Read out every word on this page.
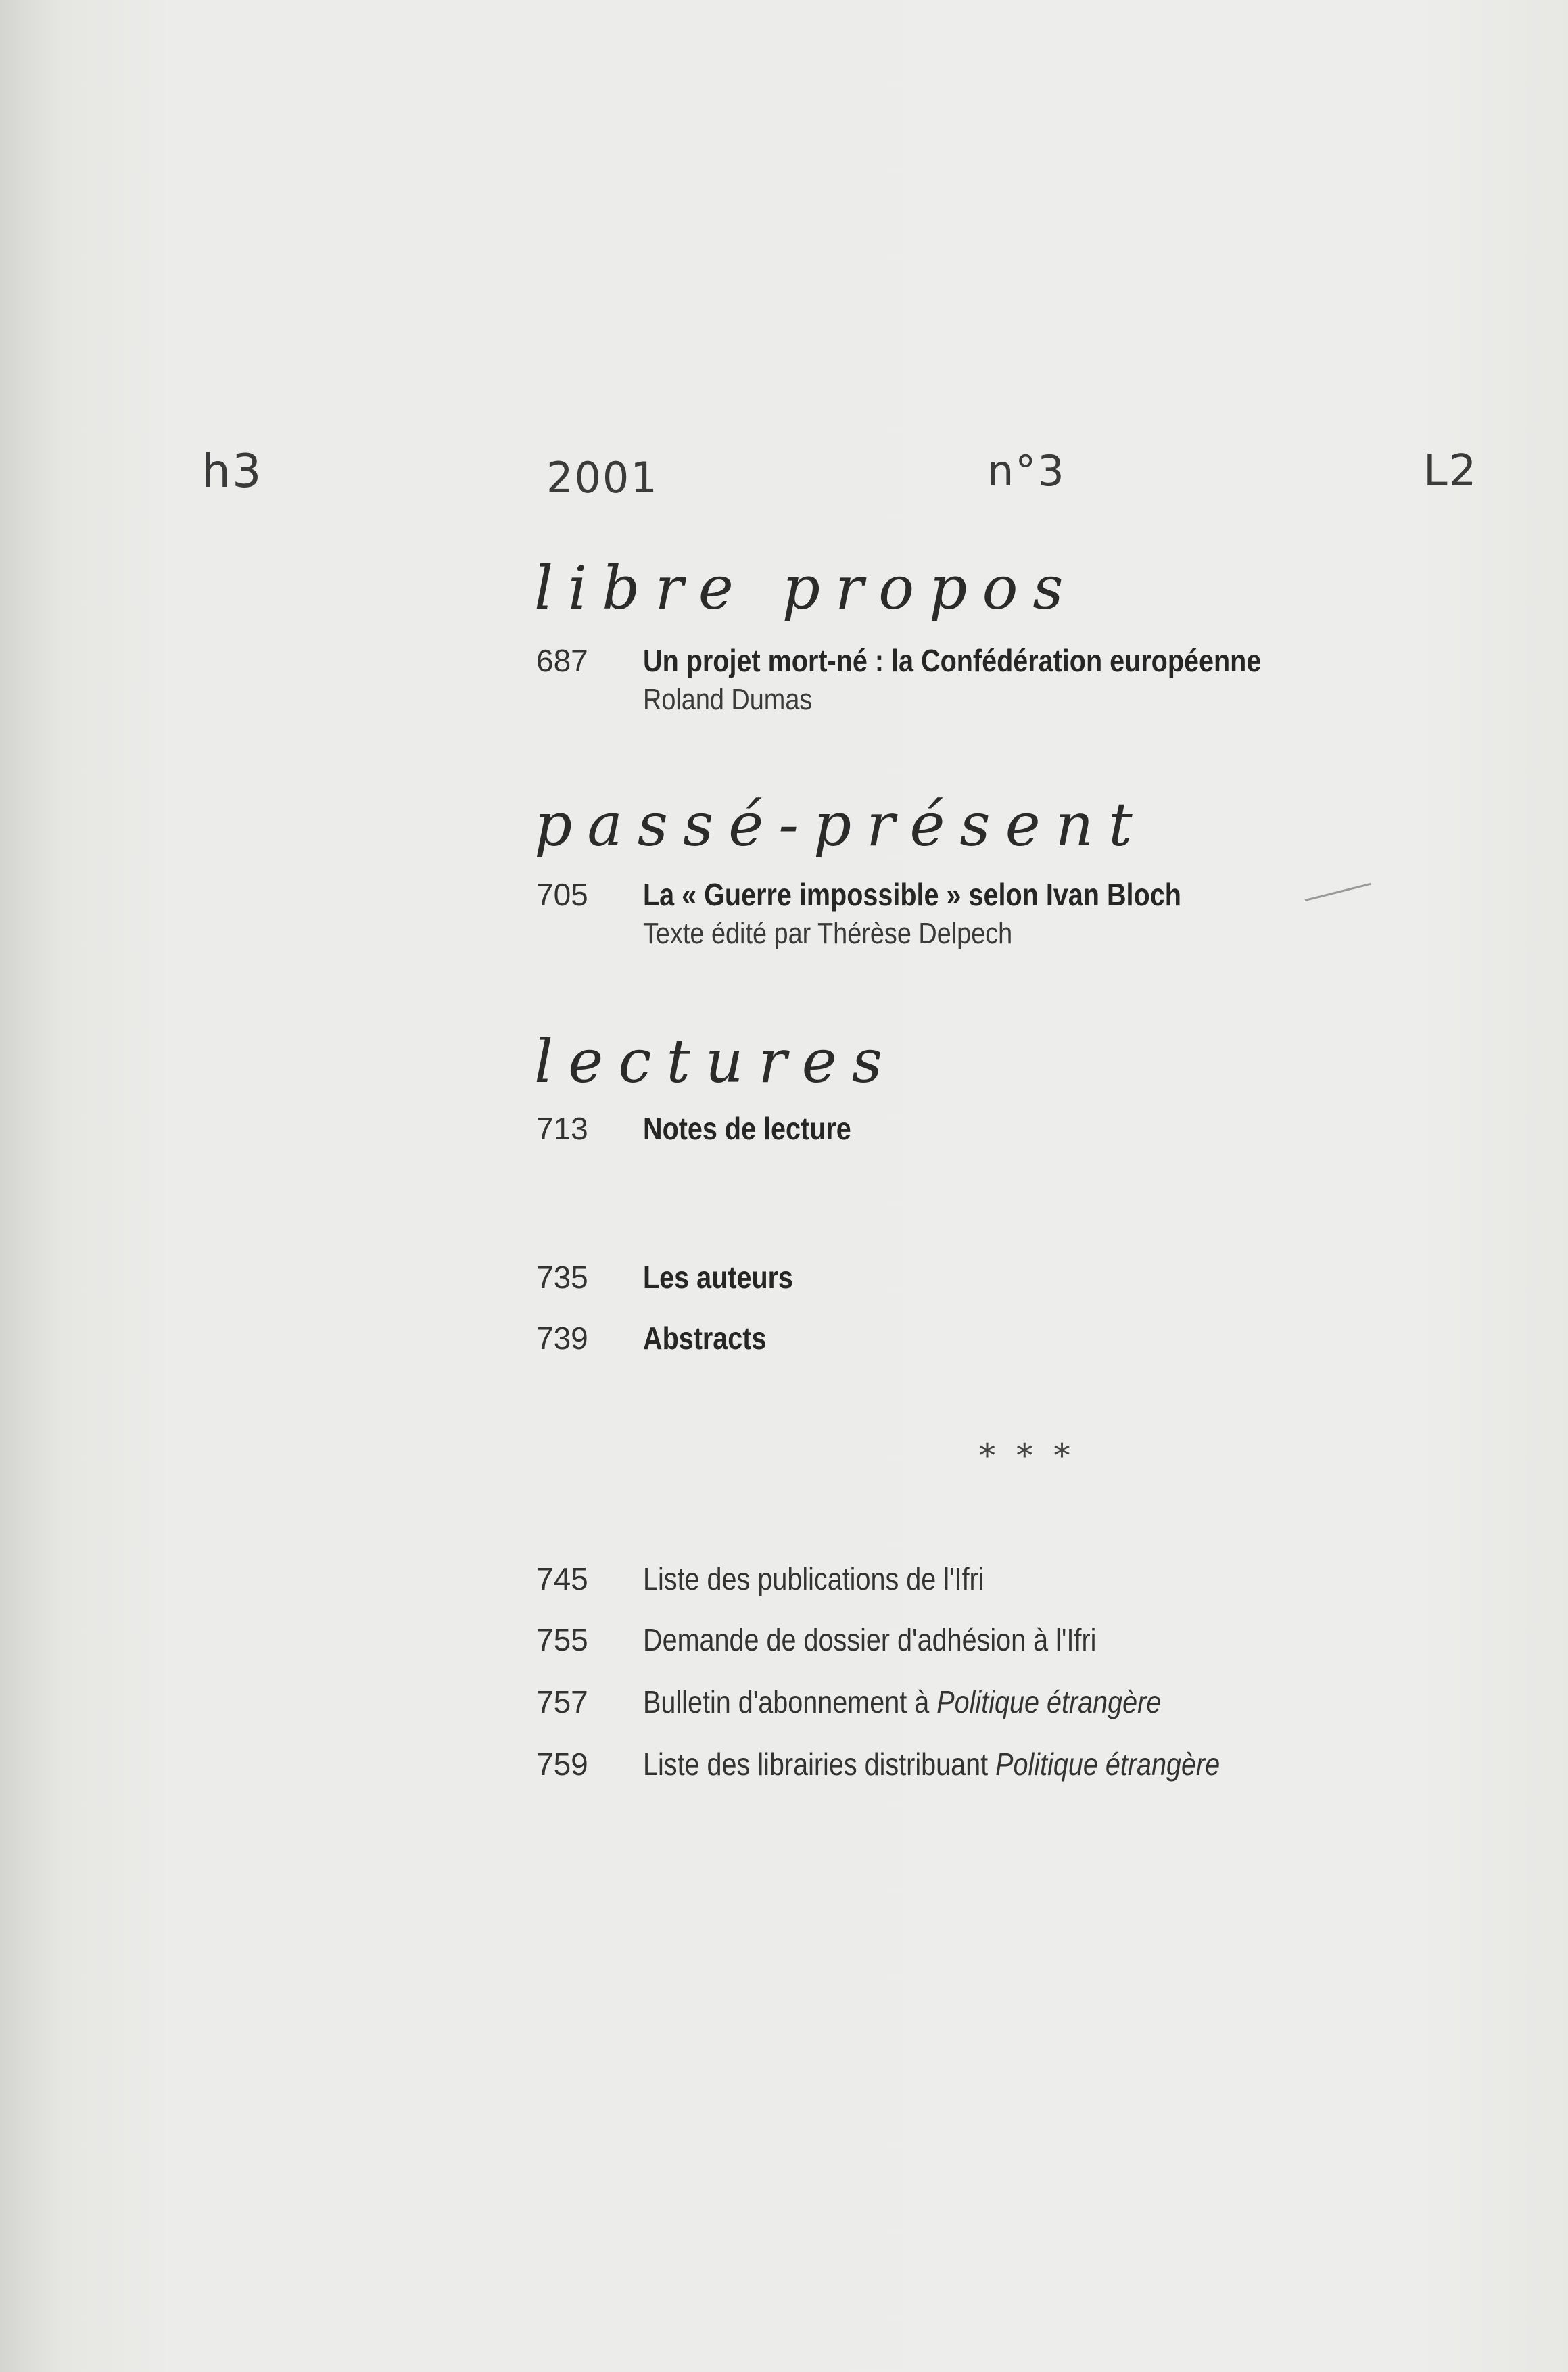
h3	2001	n°3	L2
libre propos
687 Un projet mort-né : la Confédération européenne
Roland Dumas
passé-présent
705 La « Guerre impossible » selon Ivan Bloch
Texte édité par Thérèse Delpech
lectures
713 Notes de lecture
735 Les auteurs
739 Abstracts
* * *
745 Liste des publications de l'Ifri
755 Demande de dossier d'adhésion à l'Ifri
757 Bulletin d'abonnement à Politique étrangère
759 Liste des librairies distribuant Politique étrangère
